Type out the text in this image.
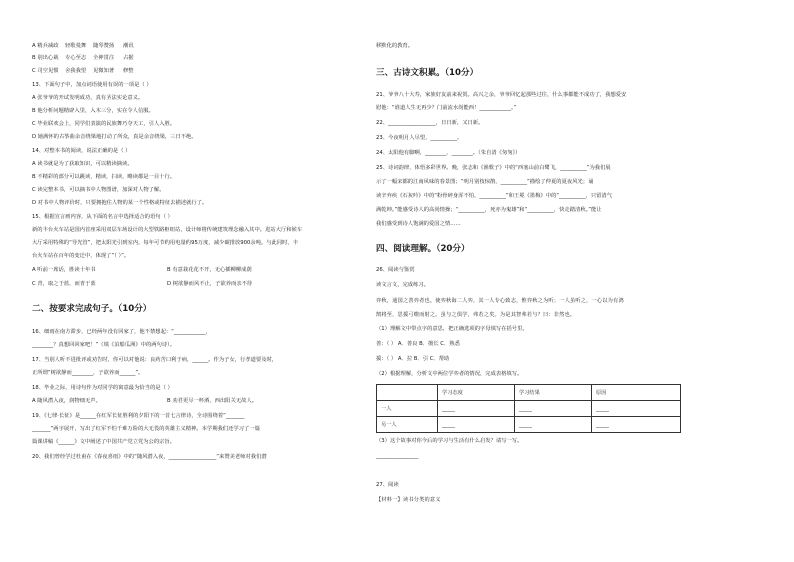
A 精兵减政	轻歌曼舞	随琴赞扬	潮讯
B 别出心裁	专心至志	全神贯注	占据
C 司空见惯	舍我我望	见微知著	修整
13、下面句子中，加点词语使用有误的一项是（ ）
A 张爷爷的开试发明成功，真有圣法实论意义。
B 他分析问题精辟入里，入木三分，实在令人信服。
C 毕业联欢会上，同学们表演的民族舞巧夺天工，引人入胜。
D 她满怀的古筝曲余音绕梁地打动了所众，真是余音绕梁，三日不绝。
14、对整本书的阅读，说法正确的是（ ）
A 读书就是为了获取知识，可以精读摘读。
B 不精彩的部分可以跳读，精读，扫读，略读都是一目十行。
C 读完整本书，可以摘书中人物图谱，加深对人物了解。
D 对书中人物评价时，只要拥抱住人物的某一个性格或特征去描述就行了。
15、根据宣言画内容，从下面的名言中选择适合的语句（ ）
新的丰台火车站是国内首座采用双层车场设计的大型铁路枢纽站，设计师将传统建筑理念融入其中。进站大厅和候车
大厅采用特殊的“导光管”，把太阳光引到室内，每年可节约用电量约95万度，减少碳排放900余吨。与此同时，丰
台火车站在百年的变迁中，体现了“（ ）”。
A 听前一席话，胜读十年书	B 有意栽花花不开，无心插柳柳成荫
C 青，取之于蓝，而青于蓝	D 树欲静而风不止，子欲养而亲不待
二、按要求完成句子。（10分）
16、细雨在南方滞步，已经两年没有回家了，他不禁想起：“____________，
________？真想回回家吧！”（填《泊船瓜洲》中的两句诗）。
17、当别人听不进批评或劝告时，你可以对他说：良药苦口利于病，______。作为子女，行孝道要及时，
正所谓“树欲静而________，子欲养而______”。
18、毕业之际，用诗句作为对同学的寓意最为恰当的是（ ）
A 随风潜入夜，润物细无声。	B 劝君更尽一杯酒，西出阳关无故人。
19、《七律·长征》是______在红军长征胜利的夕阳下的一首七言律诗，全诗围绕着“_______
_______”两字展开，写出了红军不怕千难万险的大无畏的英雄主义精神。本学期我们还学习了一篇
篇课讲稿《______》文中阐述了中国共产党立党为公的宗旨。
20、我们曾经学过杜甫在《春夜喜雨》中的“随风潜入夜，__________________”来赞美老师对我们潜
移默化的教育。
三、古诗文积累。（10分）
21、爷爷八十大寿，家族好友前来祝贺。高兴之余，爷爷回忆起那些过往，什么事都能不成功了，我想爱安
慰他：“谁道人生无再少？门前流水尚能西！____________。”
22、__________________，日日新，又日新。
23、今夜明月人尽望，__________。
24、太阳他有脚啊，________，________。（朱自清《匆匆》）
25、诗词韵律，体悟多彩世界。晚，张志和《渔歌子》中的“西塞山前白鹭飞，__________”为我们展
示了一幅宋都的江南风味的春景图；“明月别枝惊鹊，__________”描绘了仲夏的夏夜风光；诵
读辛弃疾《石灰吟》中的“粉骨碎身浑不怕，__________”和王冕《墨梅》中的“__________，只留清气
满乾坤。”能感受诗人的高尚情操；“__________，死亦为鬼雄”和“__________，快走踏清秋。”能让
我们感受到诗人饱满的爱国之情……
四、阅读理解。（20分）
26、阅读与鉴赏
读文言文，完成练习。
弈秋，通国之善弈者也。使弈秋诲二人弈，其一人专心致志，惟弈秋之为听；一人虽听之，一心以为有鸿
鹄将至，思援弓缴而射之。虽与之俱学，弗若之矣。为是其智弗若与？曰：非然也。
（1）理解文中带点字的意思，把正确选项的字母填写在括号里。
善：（ ） A．善良 B．擅长 C．熟悉
援：（ ） A．拉 B．引 C．帮助
（2）根据理解，分析文中两位学弈者的情况，完成表格填写。
	学习态度	学习结果	原因
一人	_____	_____	_____
另一人	_____	_____	_____
（3）这个故事对你今后的学习与生活有什么启发？请写一写。
________________
27、阅读
【材料一】读书分类的意义
